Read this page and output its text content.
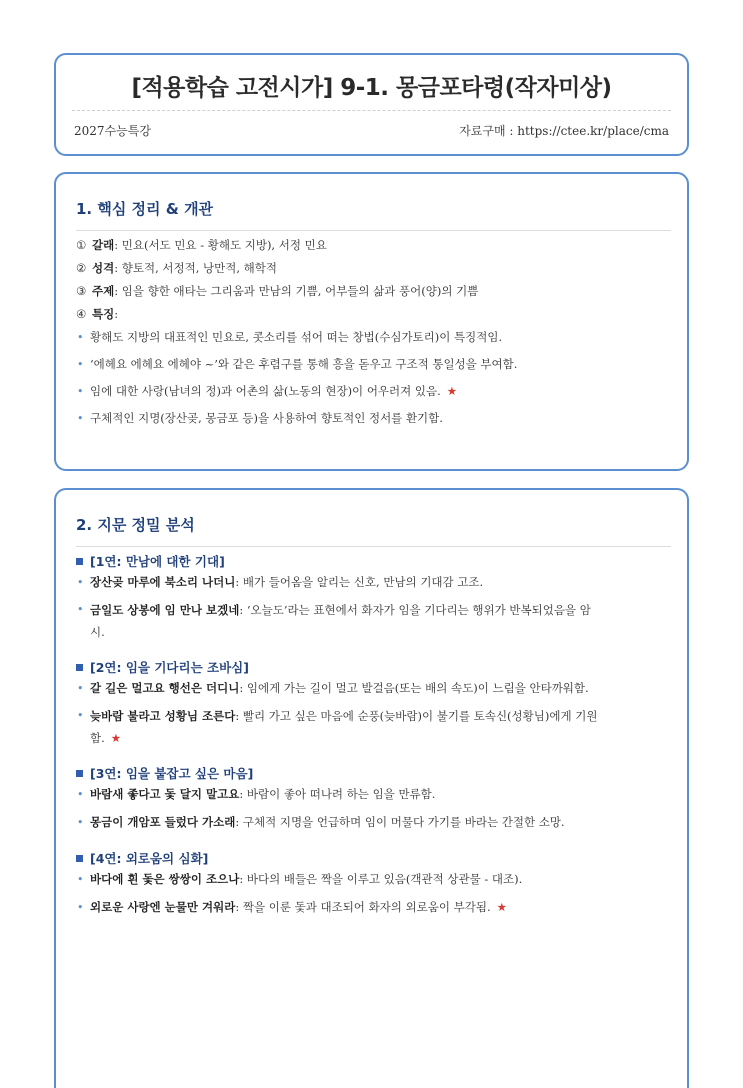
[적용학습 고전시가] 9-1. 몽금포타령(작자미상)
2027수능특강	자료구매 : https://ctee.kr/place/cma
1. 핵심 정리 & 개관
① 갈래: 민요(서도 민요 - 황해도 지방), 서정 민요
② 성격: 향토적, 서정적, 낭만적, 해학적
③ 주제: 임을 향한 애타는 그리움과 만남의 기쁨, 어부들의 삶과 풍어(양)의 기쁨
④ 특징:
• 황해도 지방의 대표적인 민요로, 콧소리를 섞어 떠는 창법(수심가토리)이 특징적임.
• ‘에헤요 에헤요 에헤야 ~’와 같은 후렴구를 통해 흥을 돋우고 구조적 통일성을 부여함.
• 임에 대한 사랑(남녀의 정)과 어촌의 삶(노동의 현장)이 어우러져 있음. ★
• 구체적인 지명(장산곶, 몽금포 등)을 사용하여 향토적인 정서를 환기함.
2. 지문 정밀 분석
[1연: 만남에 대한 기대]
• 장산곶 마루에 북소리 나더니: 배가 들어옴을 알리는 신호, 만남의 기대감 고조.
• 금일도 상봉에 임 만나 보겠네: ‘오늘도’라는 표현에서 화자가 임을 기다리는 행위가 반복되었음을 암
시.
[2연: 임을 기다리는 조바심]
• 갈 길은 멀고요 행선은 더디니: 임에게 가는 길이 멀고 발걸음(또는 배의 속도)이 느림을 안타까워함.
• 늦바람 불라고 성황님 조른다: 빨리 가고 싶은 마음에 순풍(늦바람)이 불기를 토속신(성황님)에게 기원
함. ★
[3연: 임을 붙잡고 싶은 마음]
• 바람새 좋다고 돛 달지 말고요: 바람이 좋아 떠나려 하는 임을 만류함.
• 몽금이 개암포 들렀다 가소래: 구체적 지명을 언급하며 임이 머물다 가기를 바라는 간절한 소망.
[4연: 외로움의 심화]
• 바다에 흰 돛은 쌍쌍이 조으나: 바다의 배들은 짝을 이루고 있음(객관적 상관물 - 대조).
• 외로운 사랑엔 눈물만 겨워라: 짝을 이룬 돛과 대조되어 화자의 외로움이 부각됨. ★
